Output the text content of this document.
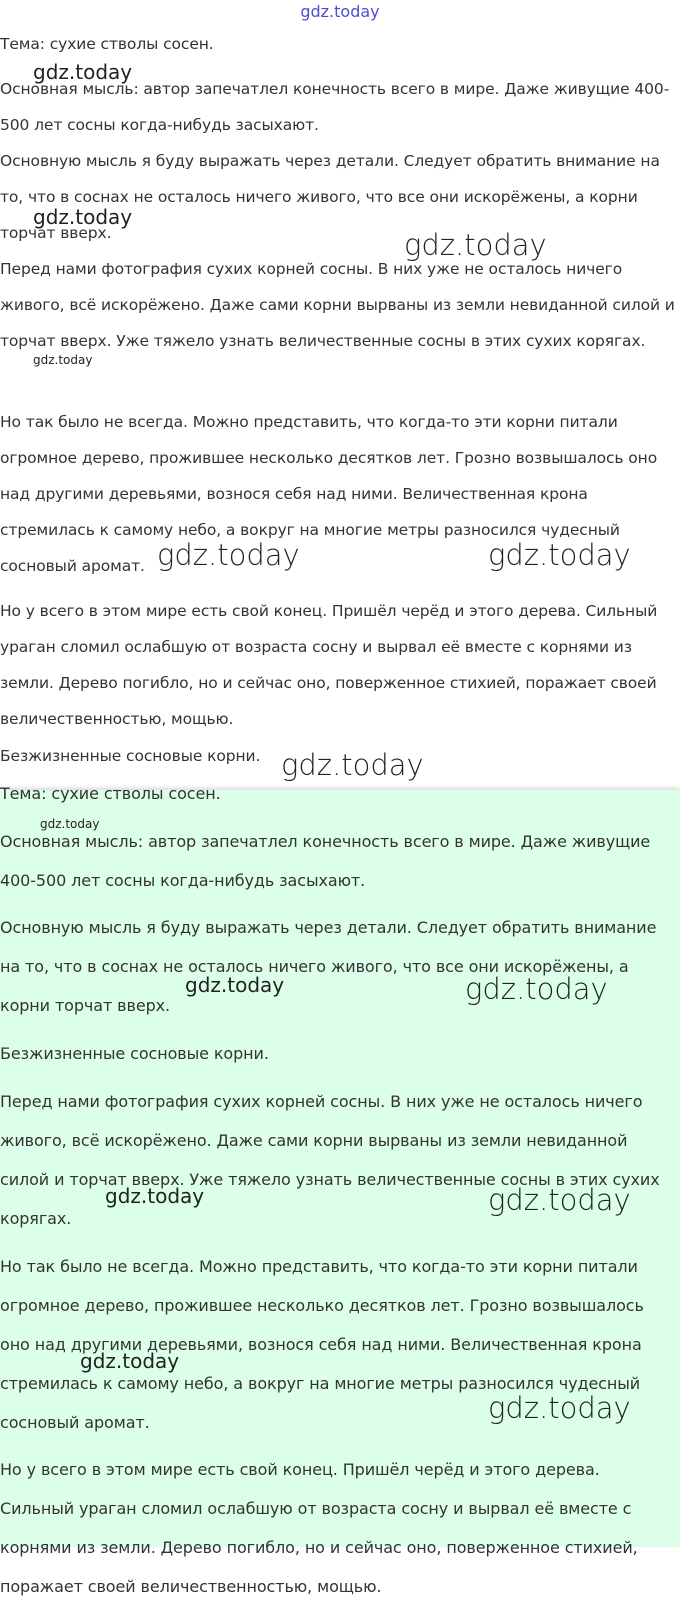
Тема: сухие стволы сосен.

Основная мысль: автор запечатлел конечность всего в мире. Даже живущие 400-500 лет сосны когда-нибудь засыхают.

Основную мысль я буду выражать через детали. Следует обратить внимание на то, что в соснах не осталось ничего живого, что все они искорёжены, а корни торчат вверх.

Перед нами фотография сухих корней сосны. В них уже не осталось ничего живого, всё искорёжено. Даже сами корни вырваны из земли невиданной силой и торчат вверх. Уже тяжело узнать величественные сосны в этих сухих корягах.

Но так было не всегда. Можно представить, что когда-то эти корни питали огромное дерево, прожившее несколько десятков лет. Грозно возвышалось оно над другими деревьями, вознося себя над ними. Величественная крона стремилась к самому небо, а вокруг на многие метры разносился чудесный сосновый аромат.

Но у всего в этом мире есть свой конец. Пришёл черёд и этого дерева. Сильный ураган сломил ослабшую от возраста сосну и вырвал её вместе с корнями из земли. Дерево погибло, но и сейчас оно, поверженное стихией, поражает своей величественностью, мощью.

Безжизненные сосновые корни.

Тема: сухие стволы сосен.

Основная мысль: автор запечатлел конечность всего в мире. Даже живущие 400-500 лет сосны когда-нибудь засыхают.

Основную мысль я буду выражать через детали. Следует обратить внимание на то, что в соснах не осталось ничего живого, что все они искорёжены, а корни торчат вверх.

Безжизненные сосновые корни.

Перед нами фотография сухих корней сосны. В них уже не осталось ничего живого, всё искорёжено. Даже сами корни вырваны из земли невиданной силой и торчат вверх. Уже тяжело узнать величественные сосны в этих сухих корягах.

Но так было не всегда. Можно представить, что когда-то эти корни питали огромное дерево, прожившее несколько десятков лет. Грозно возвышалось оно над другими деревьями, вознося себя над ними. Величественная крона стремилась к самому небо, а вокруг на многие метры разносился чудесный сосновый аромат.

Но у всего в этом мире есть свой конец. Пришёл черёд и этого дерева. Сильный ураган сломил ослабшую от возраста сосну и вырвал её вместе с корнями из земли. Дерево погибло, но и сейчас оно, поверженное стихией, поражает своей величественностью, мощью.

gdz.today
gdz.today
gdz.today
gdz.today
gdz.today
gdz.today	gdz.today
gdz.today
gdz.today
gdz.today	gdz.today
gdz.today	gdz.today
gdz.today
gdz.today
